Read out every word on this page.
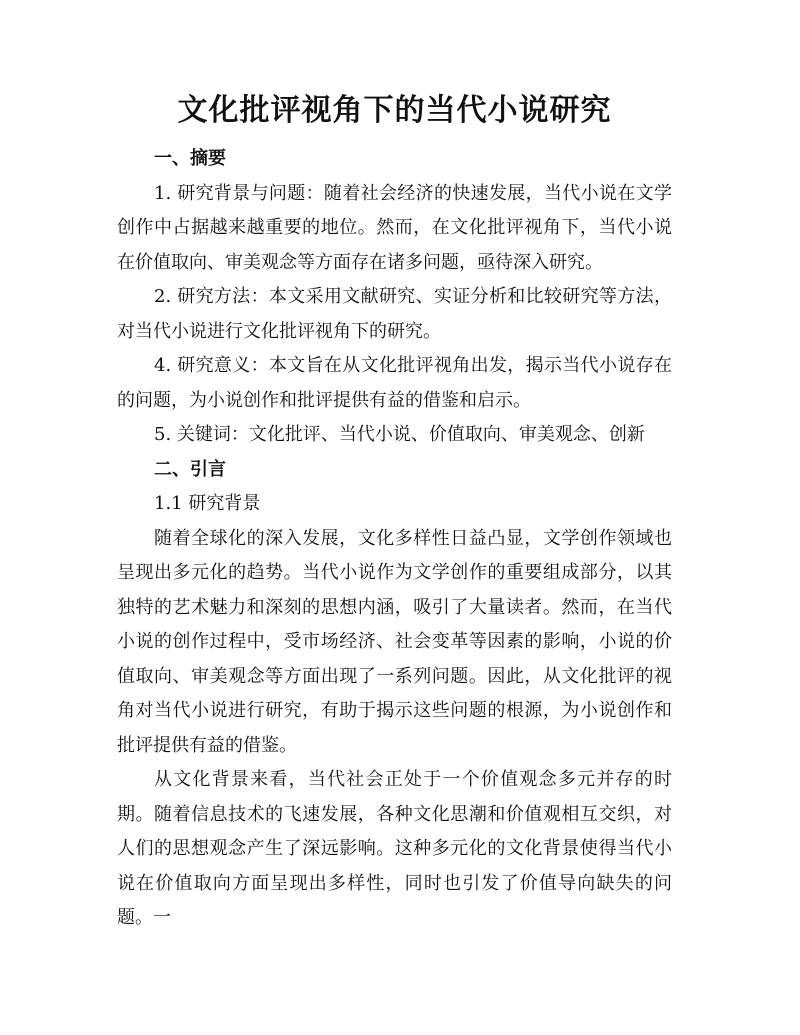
文化批评视角下的当代小说研究
一、摘要

1. 研究背景与问题：随着社会经济的快速发展，当代小说在文学创作中占据越来越重要的地位。然而，在文化批评视角下，当代小说在价值取向、审美观念等方面存在诸多问题，亟待深入研究。

2. 研究方法：本文采用文献研究、实证分析和比较研究等方法，对当代小说进行文化批评视角下的研究。

4. 研究意义：本文旨在从文化批评视角出发，揭示当代小说存在的问题，为小说创作和批评提供有益的借鉴和启示。

5. 关键词：文化批评、当代小说、价值取向、审美观念、创新

二、引言
1.1 研究背景

随着全球化的深入发展，文化多样性日益凸显，文学创作领域也呈现出多元化的趋势。当代小说作为文学创作的重要组成部分，以其独特的艺术魅力和深刻的思想内涵，吸引了大量读者。然而，在当代小说的创作过程中，受市场经济、社会变革等因素的影响，小说的价值取向、审美观念等方面出现了一系列问题。因此，从文化批评的视角对当代小说进行研究，有助于揭示这些问题的根源，为小说创作和批评提供有益的借鉴。

从文化背景来看，当代社会正处于一个价值观念多元并存的时期。随着信息技术的飞速发展，各种文化思潮和价值观相互交织，对人们的思想观念产生了深远影响。这种多元化的文化背景使得当代小说在价值取向方面呈现出多样性，同时也引发了价值导向缺失的问题。一
